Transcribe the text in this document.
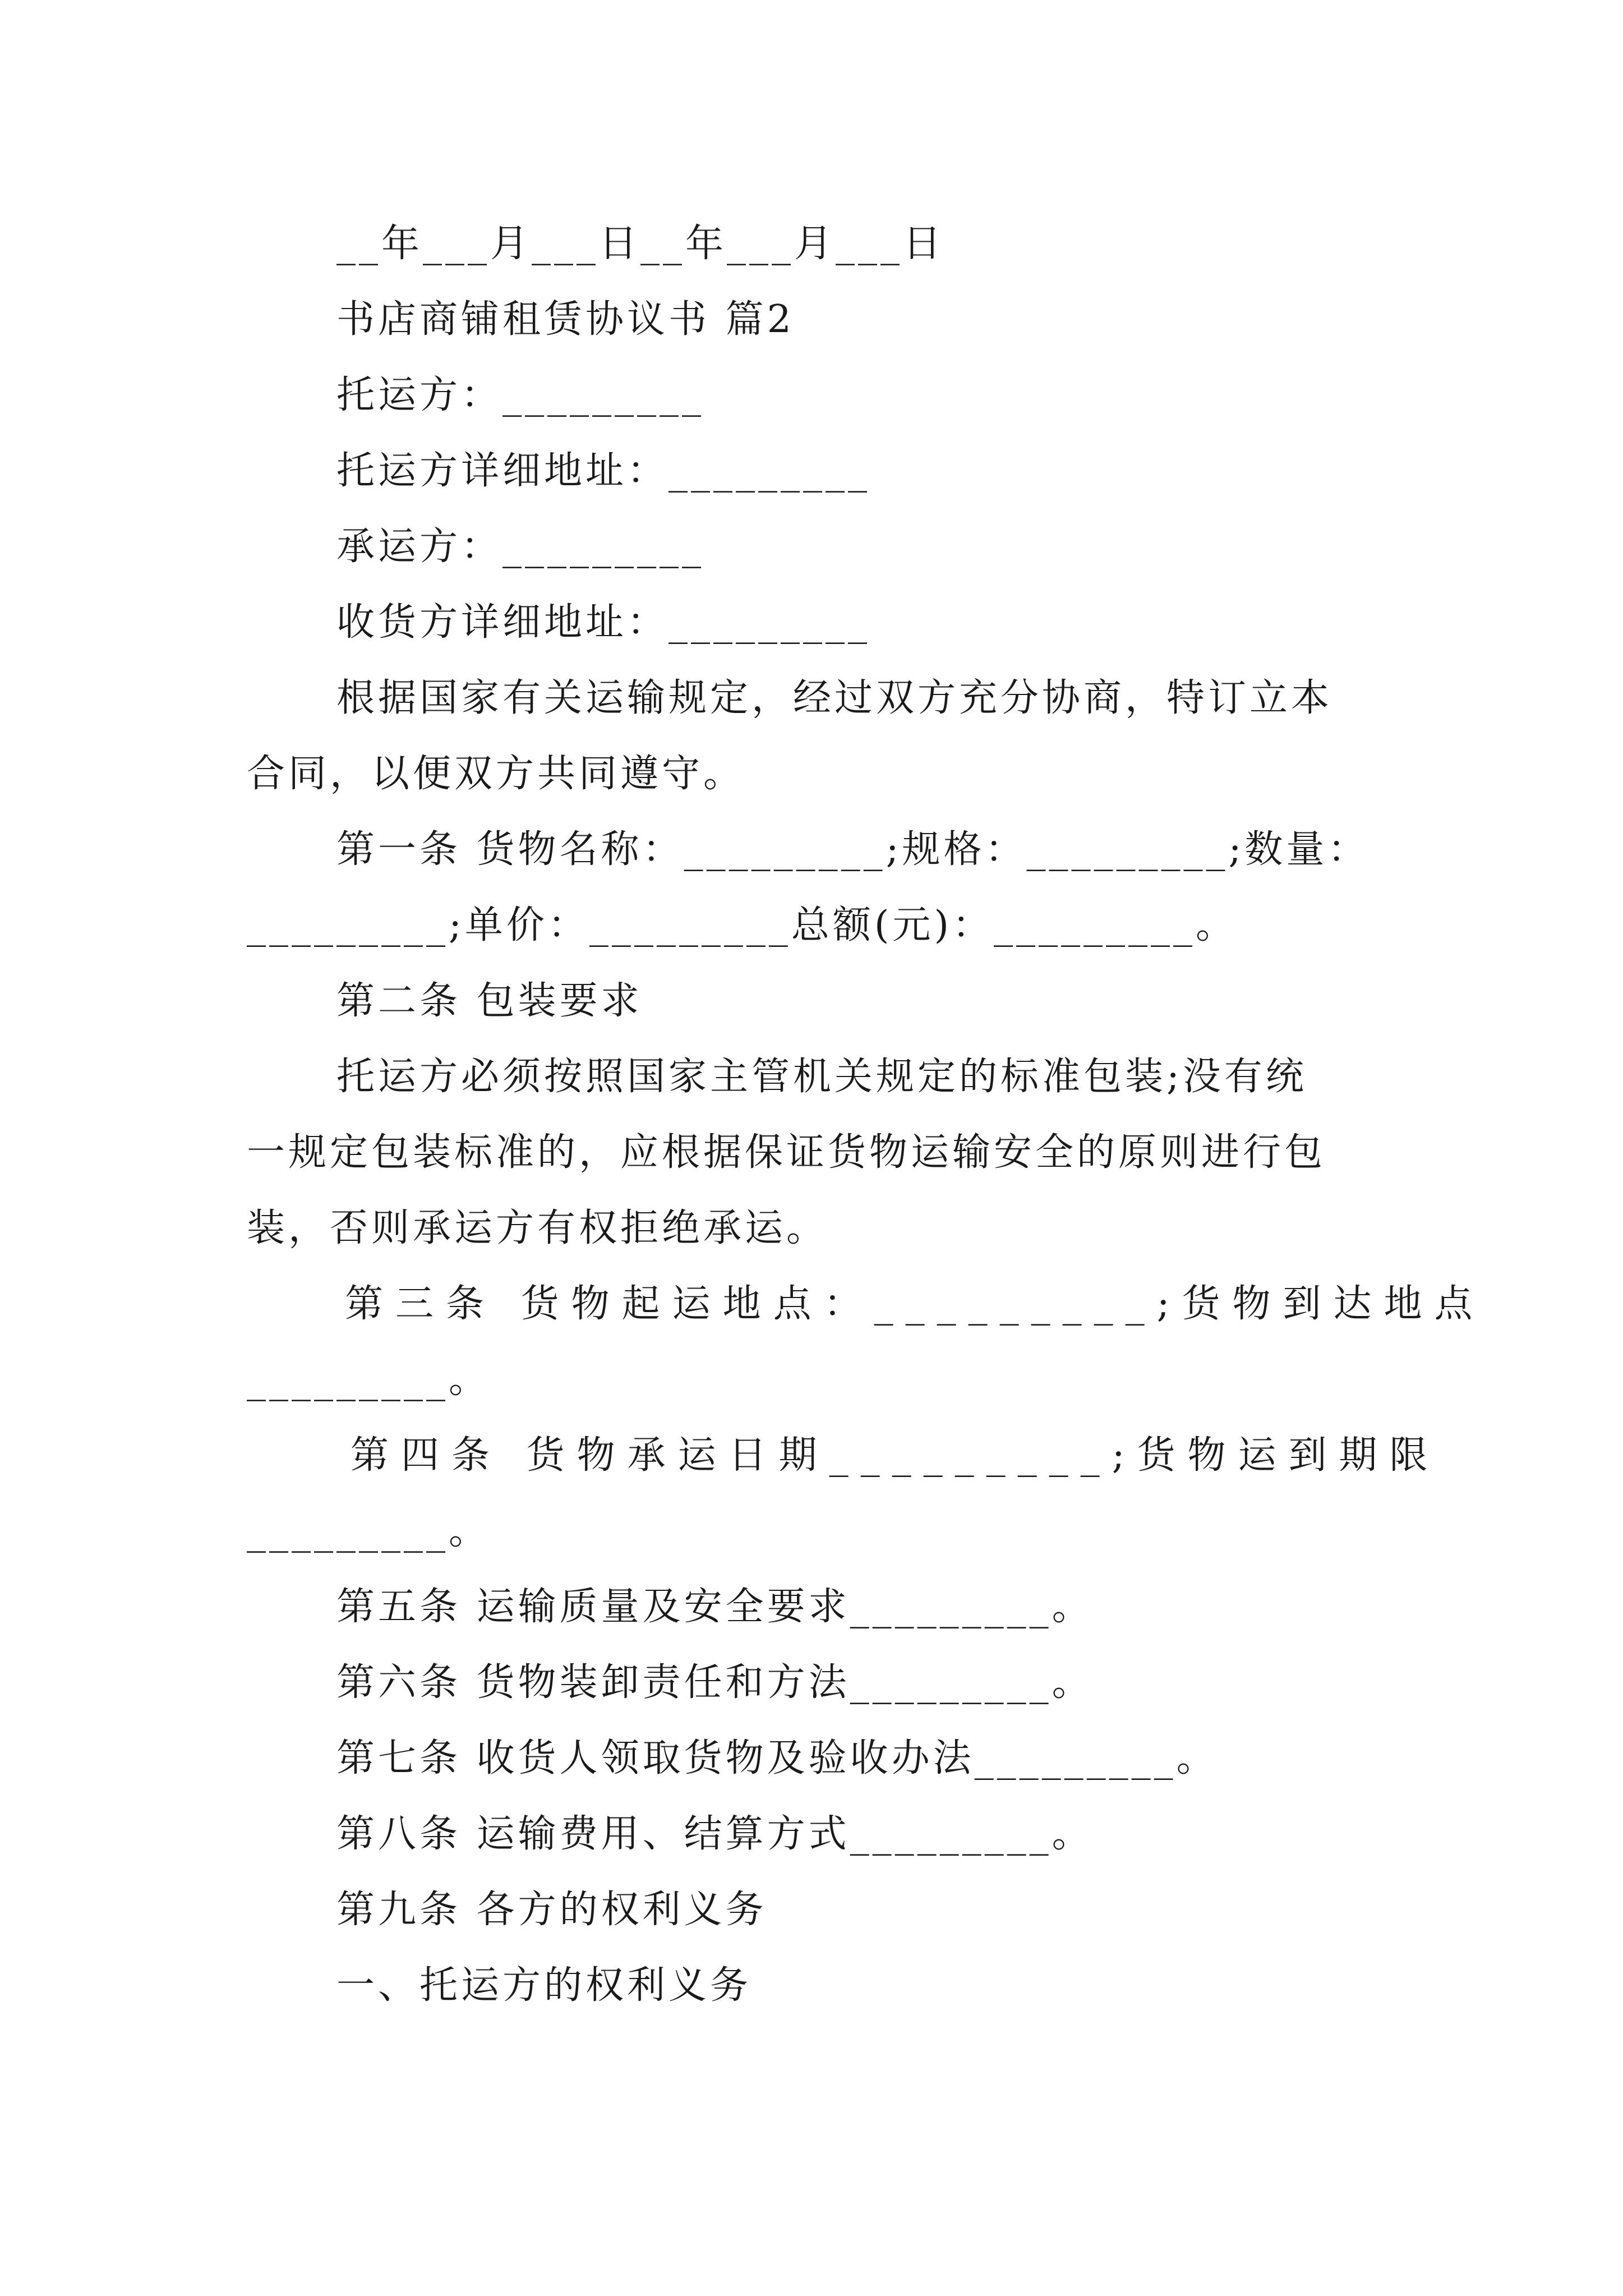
__年___月___日__年___月___日
书店商铺租赁协议书 篇2
托运方：_________
托运方详细地址：_________
承运方：_________
收货方详细地址：_________
根据国家有关运输规定，经过双方充分协商，特订立本
合同，以便双方共同遵守。
第一条 货物名称：_________;规格：_________;数量：
_________;单价：_________总额(元)：_________。
第二条 包装要求
托运方必须按照国家主管机关规定的标准包装;没有统
一规定包装标准的，应根据保证货物运输安全的原则进行包
装，否则承运方有权拒绝承运。
第三条 货物起运地点：_________;货物到达地点
_________。
第四条 货物承运日期_________;货物运到期限
_________。
第五条 运输质量及安全要求_________。
第六条 货物装卸责任和方法_________。
第七条 收货人领取货物及验收办法_________。
第八条 运输费用、结算方式_________。
第九条 各方的权利义务
一、托运方的权利义务
